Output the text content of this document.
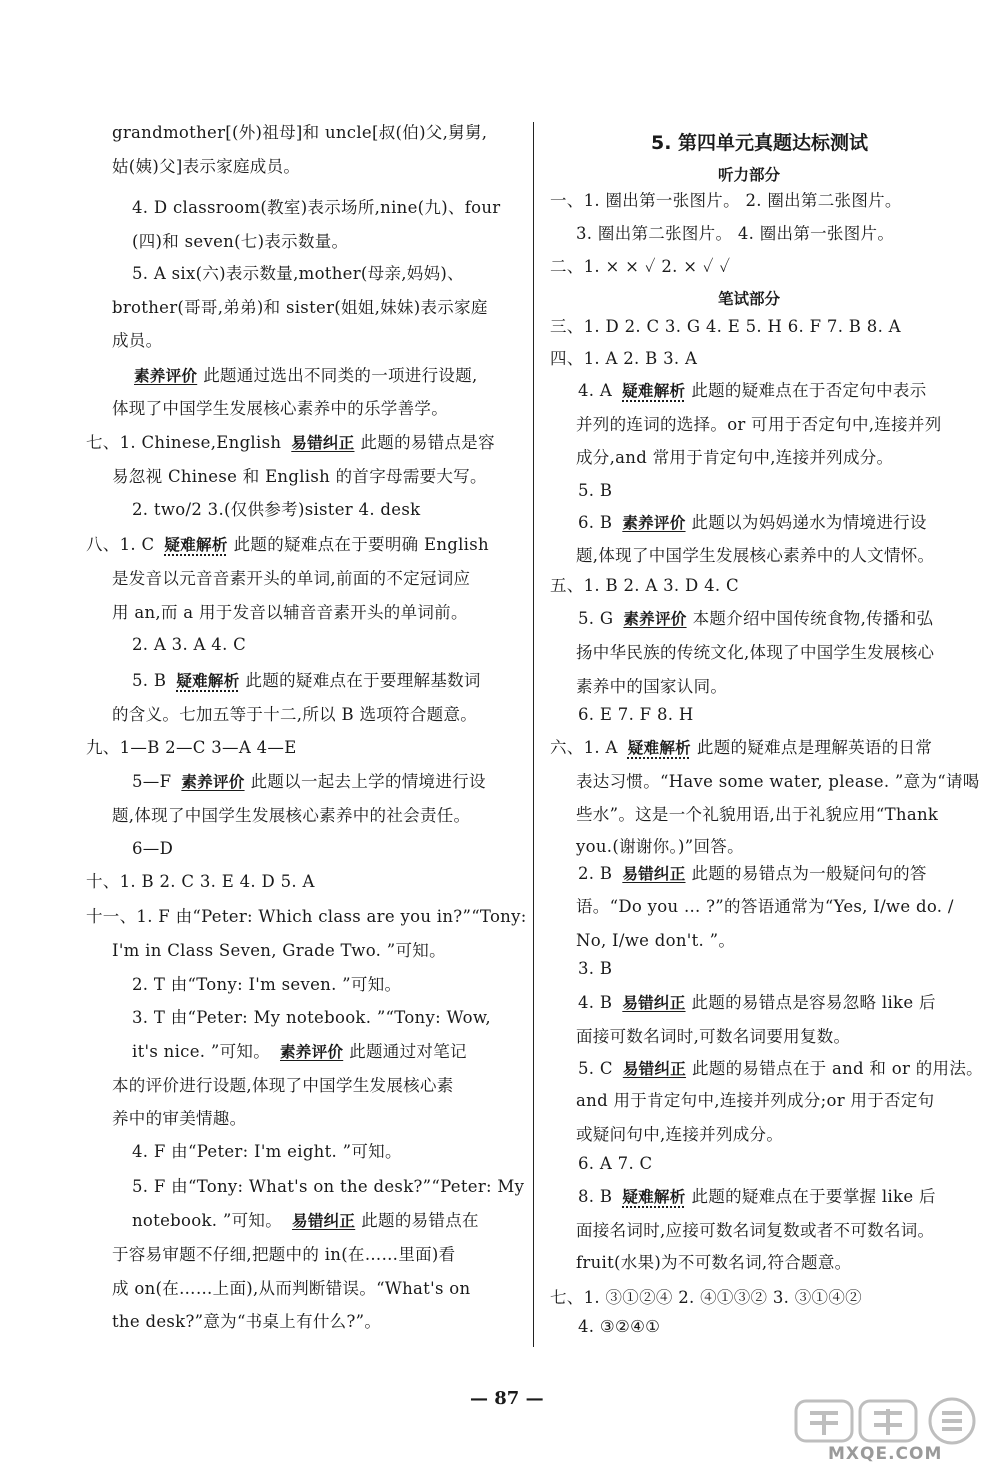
grandmother[(外)祖母]和 uncle[叔(伯)父,舅舅,
姑(姨)父]表示家庭成员。
4. D classroom(教室)表示场所,nine(九)、four
(四)和 seven(七)表示数量。
5. A six(六)表示数量,mother(母亲,妈妈)、
brother(哥哥,弟弟)和 sister(姐姐,妹妹)表示家庭
成员。
素养评价 此题通过选出不同类的一项进行设题,
体现了中国学生发展核心素养中的乐学善学。
七、1. Chinese,English 易错纠正 此题的易错点是容
易忽视 Chinese 和 English 的首字母需要大写。
2. two/2 3.(仅供参考)sister 4. desk
八、1. C 疑难解析 此题的疑难点在于要明确 English
是发音以元音音素开头的单词,前面的不定冠词应
用 an,而 a 用于发音以辅音音素开头的单词前。
2. A 3. A 4. C
5. B 疑难解析 此题的疑难点在于要理解基数词
的含义。七加五等于十二,所以 B 选项符合题意。
九、1—B 2—C 3—A 4—E
5—F 素养评价 此题以一起去上学的情境进行设
题,体现了中国学生发展核心素养中的社会责任。
6—D
十、1. B 2. C 3. E 4. D 5. A
十一、1. F 由“Peter: Which class are you in?”“Tony:
I'm in Class Seven, Grade Two. ”可知。
2. T 由“Tony: I'm seven. ”可知。
3. T 由“Peter: My notebook. ”“Tony: Wow,
it's nice. ”可知。 素养评价 此题通过对笔记
本的评价进行设题,体现了中国学生发展核心素
养中的审美情趣。
4. F 由“Peter: I'm eight. ”可知。
5. F 由“Tony: What's on the desk?”“Peter: My
notebook. ”可知。 易错纠正 此题的易错点在
于容易审题不仔细,把题中的 in(在……里面)看
成 on(在……上面),从而判断错误。“What's on
the desk?”意为“书桌上有什么?”。
5. 第四单元真题达标测试
听力部分
笔试部分
一、1. 圈出第一张图片。 2. 圈出第二张图片。
3. 圈出第二张图片。 4. 圈出第一张图片。
二、1. × × ✓ 2. × ✓ ✓
三、1. D 2. C 3. G 4. E 5. H 6. F 7. B 8. A
四、1. A 2. B 3. A
4. A 疑难解析 此题的疑难点在于否定句中表示
并列的连词的选择。or 可用于否定句中,连接并列
成分,and 常用于肯定句中,连接并列成分。
5. B
6. B 素养评价 此题以为妈妈递水为情境进行设
题,体现了中国学生发展核心素养中的人文情怀。
五、1. B 2. A 3. D 4. C
5. G 素养评价 本题介绍中国传统食物,传播和弘
扬中华民族的传统文化,体现了中国学生发展核心
素养中的国家认同。
6. E 7. F 8. H
六、1. A 疑难解析 此题的疑难点是理解英语的日常
表达习惯。“Have some water, please. ”意为“请喝
些水”。这是一个礼貌用语,出于礼貌应用“Thank
you.(谢谢你。)”回答。
2. B 易错纠正 此题的易错点为一般疑问句的答
语。“Do you ... ?”的答语通常为“Yes, I/we do. /
No, I/we don't. ”。
3. B
4. B 易错纠正 此题的易错点是容易忽略 like 后
面接可数名词时,可数名词要用复数。
5. C 易错纠正 此题的易错点在于 and 和 or 的用法。
and 用于肯定句中,连接并列成分;or 用于否定句
或疑问句中,连接并列成分。
6. A 7. C
8. B 疑难解析 此题的疑难点在于要掌握 like 后
面接名词时,应接可数名词复数或者不可数名词。
fruit(水果)为不可数名词,符合题意。
七、1. ③①②④ 2. ④①③② 3. ③①④②
4. ③②④①
— 87 —
MXQE.COM
